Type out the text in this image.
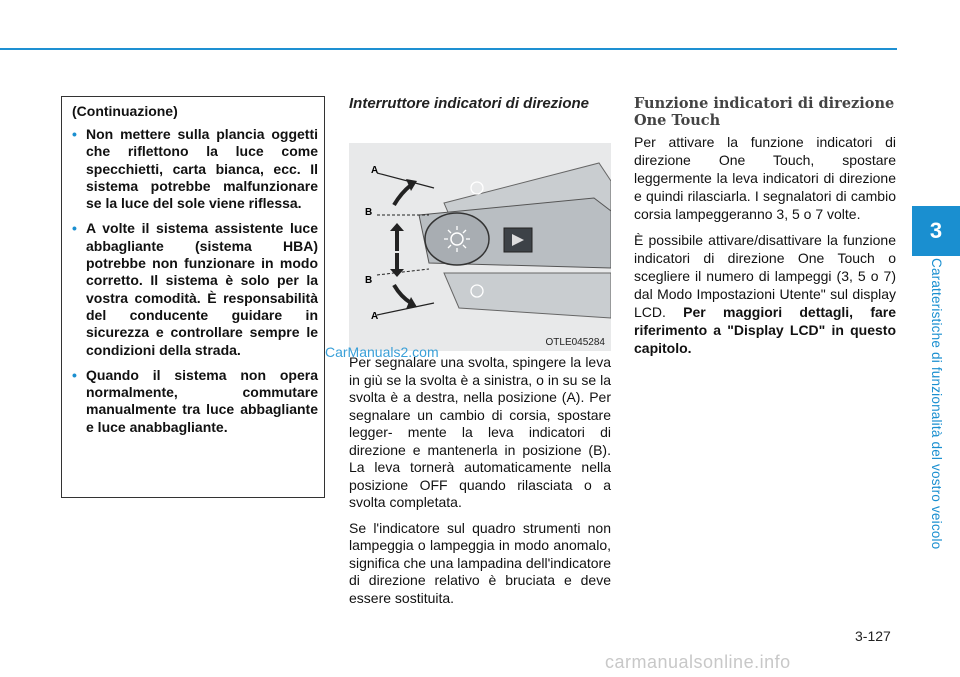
3
Caratteristiche di funzionalità del vostro veicolo
(Continuazione)
• Non mettere sulla plancia oggetti che riflettono la luce come specchietti, carta bianca, ecc. Il sistema potrebbe malfunzionare se la luce del sole viene riflessa.
• A volte il sistema assistente luce abbagliante (sistema HBA) potrebbe non funzionare in modo corretto. Il sistema è solo per la vostra comodità. È responsabilità del conducente guidare in sicurezza e controllare sempre le condizioni della strada.
• Quando il sistema non opera normalmente, commutare manualmente tra luce abbagliante e luce anabbagliante.
Interruttore indicatori di direzione
A
B
B
A
OTLE045284
CarManuals2.com

Per segnalare una svolta, spingere la leva in giù se la svolta è a sinistra, o in su se la svolta è a destra, nella posizione (A). Per segnalare un cambio di corsia, spostare legger- mente la leva indicatori di direzione e mantenerla in posizione (B). La leva tornerà automaticamente nella posizione OFF quando rilasciata o a svolta completata.

Se l'indicatore sul quadro strumenti non lampeggia o lampeggia in modo anomalo, significa che una lampadina dell'indicatore di direzione relativo è bruciata e deve essere sostituita.

Funzione indicatori di direzione One Touch

Per attivare la funzione indicatori di direzione One Touch, spostare leggermente la leva indicatori di direzione e quindi rilasciarla. I segnalatori di cambio corsia lampeggeranno 3, 5 o 7 volte.

È possibile attivare/disattivare la funzione indicatori di direzione One Touch o scegliere il numero di lampeggi (3, 5 o 7) dal Modo Impostazioni Utente" sul display LCD. Per maggiori dettagli, fare riferimento a "Display LCD" in questo capitolo.

3-127
carmanualsonline.info
